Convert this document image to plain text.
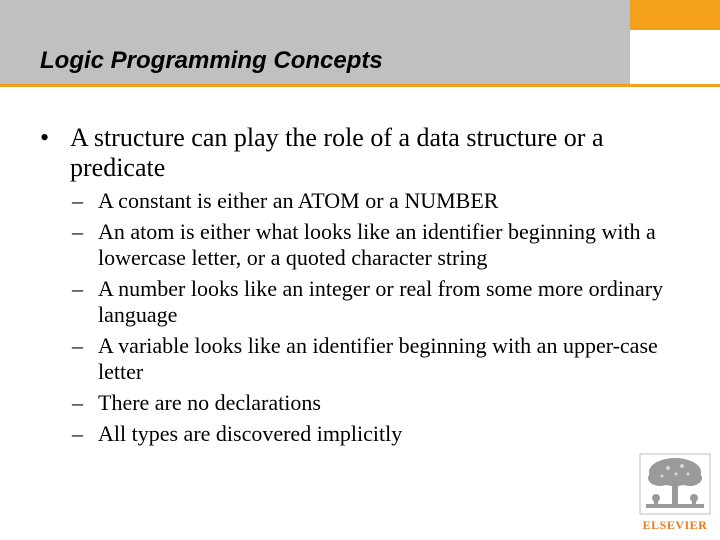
Logic Programming Concepts
• A structure can play the role of a data structure or a predicate
– A constant is either an ATOM or a NUMBER
– An atom is either what looks like an identifier beginning with a lowercase letter, or a quoted character string
– A number looks like an integer or real from some more ordinary language
– A variable looks like an identifier beginning with an upper-case letter
– There are no declarations
– All types are discovered implicitly
ELSEVIER
